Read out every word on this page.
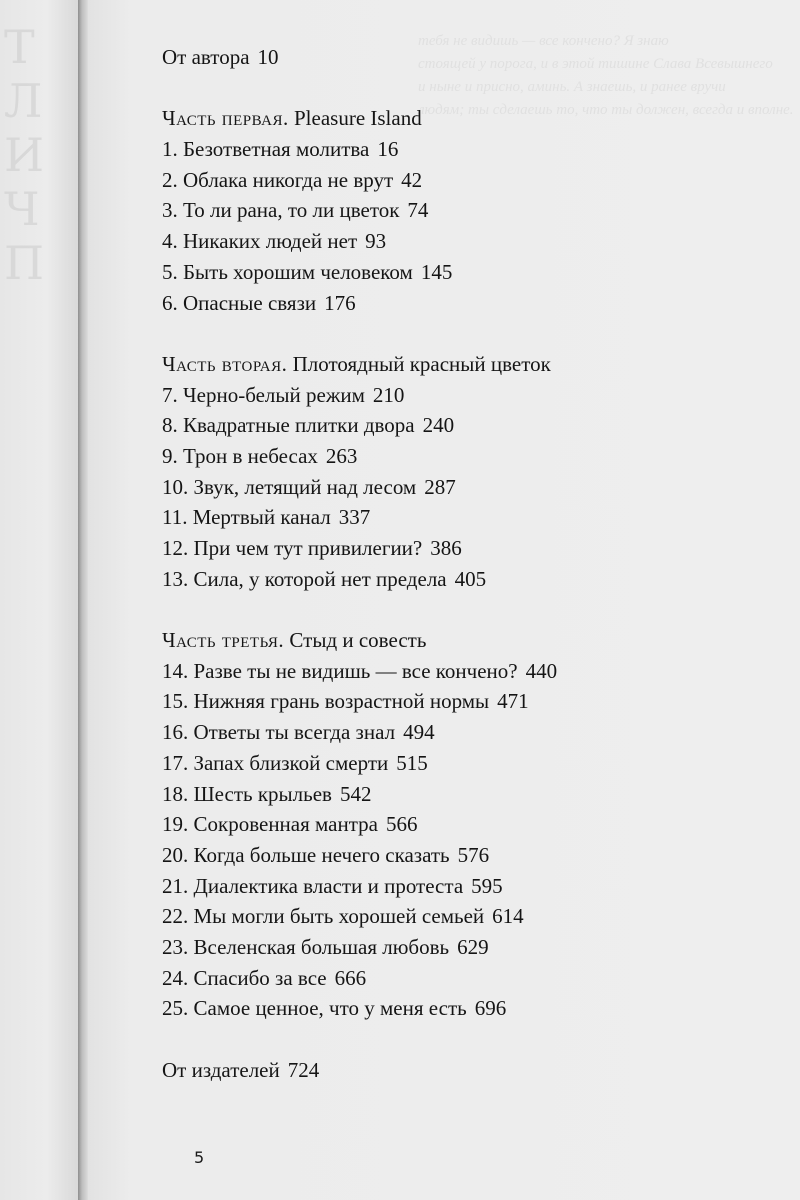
Т
Л
И
Ч
П
тебя не видишь — все кончено? Я знаю
стоящей у порога, и в этой тишине Слава Всевышнего
и ныне и присно, аминь. А знаешь, и ранее вручи
людям; ты сделаешь то, что ты должен, всегда и вполне.
От автора 10
Часть первая. Pleasure Island
1. Безответная молитва 16
2. Облака никогда не врут 42
3. То ли рана, то ли цветок 74
4. Никаких людей нет 93
5. Быть хорошим человеком 145
6. Опасные связи 176
Часть вторая. Плотоядный красный цветок
7. Черно-белый режим 210
8. Квадратные плитки двора 240
9. Трон в небесах 263
10. Звук, летящий над лесом 287
11. Мертвый канал 337
12. При чем тут привилегии? 386
13. Сила, у которой нет предела 405
Часть третья. Стыд и совесть
14. Разве ты не видишь — все кончено? 440
15. Нижняя грань возрастной нормы 471
16. Ответы ты всегда знал 494
17. Запах близкой смерти 515
18. Шесть крыльев 542
19. Сокровенная мантра 566
20. Когда больше нечего сказать 576
21. Диалектика власти и протеста 595
22. Мы могли быть хорошей семьей 614
23. Вселенская большая любовь 629
24. Спасибо за все 666
25. Самое ценное, что у меня есть 696
От издателей 724
5
